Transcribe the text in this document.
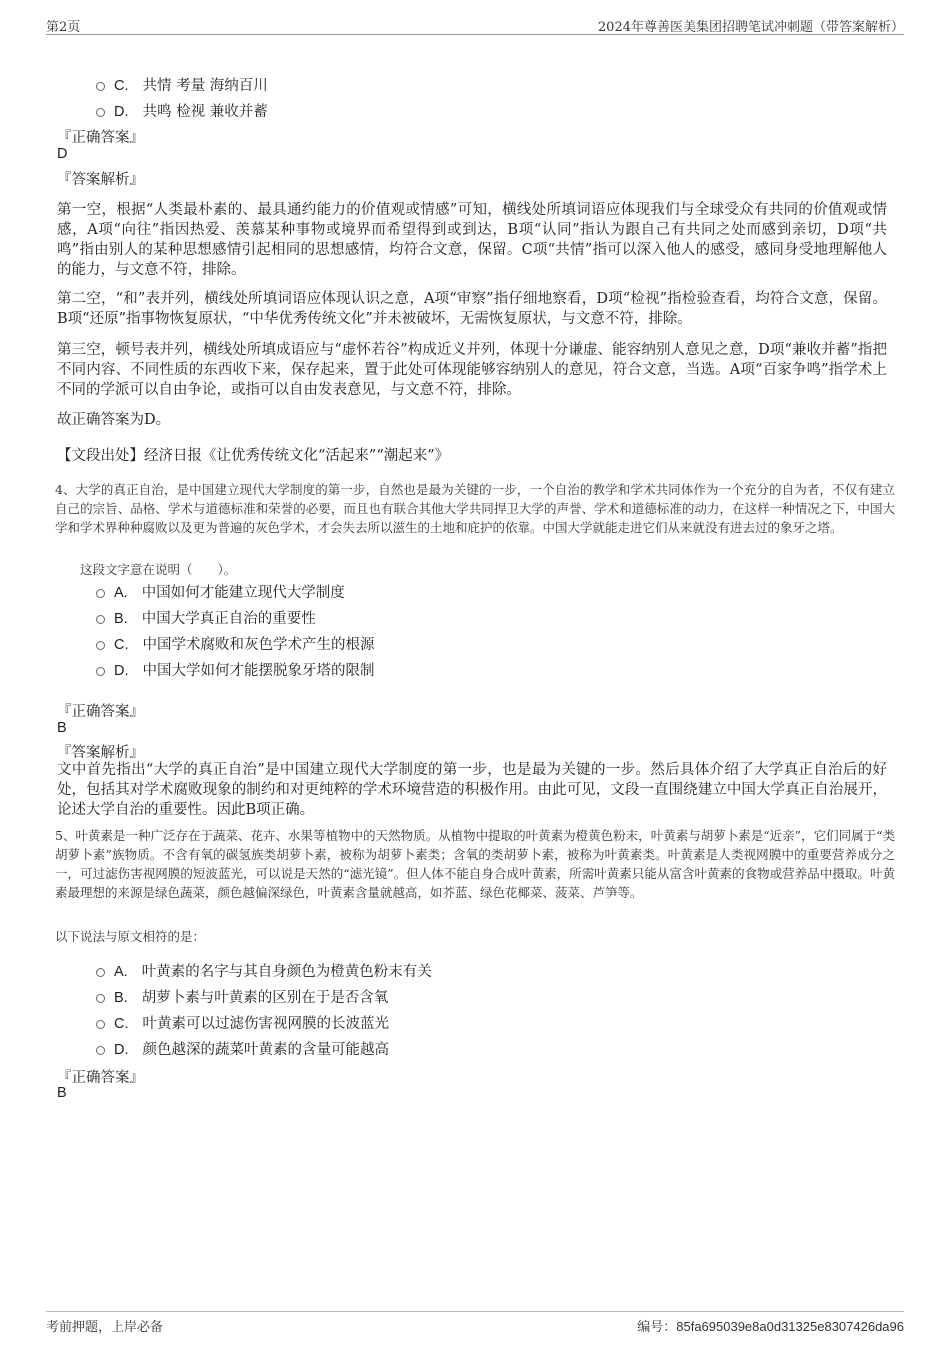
第2页	2024年尊善医美集团招聘笔试冲刺题（带答案解析）
C. 共情 考量 海纳百川
D. 共鸣 检视 兼收并蓄
『正确答案』
D
『答案解析』

第一空，根据“人类最朴素的、最具通约能力的价值观或情感”可知，横线处所填词语应体现我们与全球受众有共同的价值观或情感，A项“向往”指因热爱、羡慕某种事物或境界而希望得到或到达，B项“认同”指认为跟自己有共同之处而感到亲切，D项“共鸣”指由别人的某种思想感情引起相同的思想感情，均符合文意，保留。C项“共情”指可以深入他人的感受，感同身受地理解他人的能力，与文意不符，排除。

第二空，“和”表并列，横线处所填词语应体现认识之意，A项“审察”指仔细地察看，D项“检视”指检验查看，均符合文意，保留。B项“还原”指事物恢复原状，“中华优秀传统文化”并未被破坏，无需恢复原状，与文意不符，排除。

第三空，顿号表并列，横线处所填成语应与“虚怀若谷”构成近义并列，体现十分谦虚、能容纳别人意见之意，D项“兼收并蓄”指把不同内容、不同性质的东西收下来，保存起来，置于此处可体现能够容纳别人的意见，符合文意，当选。A项“百家争鸣”指学术上不同的学派可以自由争论，或指可以自由发表意见，与文意不符，排除。

故正确答案为D。

【文段出处】经济日报《让优秀传统文化“活起来”“潮起来”》

4、大学的真正自治，是中国建立现代大学制度的第一步，自然也是最为关键的一步，一个自治的教学和学术共同体作为一个充分的自为者，不仅有建立自己的宗旨、品格、学术与道德标准和荣誉的必要，而且也有联合其他大学共同捍卫大学的声誉、学术和道德标准的动力，在这样一种情况之下，中国大学和学术界种种腐败以及更为普遍的灰色学术，才会失去所以滋生的土地和庇护的依靠。中国大学就能走进它们从来就没有进去过的象牙之塔。

这段文字意在说明（　　）。
A. 中国如何才能建立现代大学制度
B. 中国大学真正自治的重要性
C. 中国学术腐败和灰色学术产生的根源
D. 中国大学如何才能摆脱象牙塔的限制
『正确答案』
B
『答案解析』

文中首先指出“大学的真正自治”是中国建立现代大学制度的第一步，也是最为关键的一步。然后具体介绍了大学真正自治后的好处，包括其对学术腐败现象的制约和对更纯粹的学术环境营造的积极作用。由此可见，文段一直围绕建立中国大学真正自治展开，论述大学自治的重要性。因此B项正确。

5、叶黄素是一种广泛存在于蔬菜、花卉、水果等植物中的天然物质。从植物中提取的叶黄素为橙黄色粉末，叶黄素与胡萝卜素是“近亲”，它们同属于“类胡萝卜素”族物质。不含有氧的碳氢族类胡萝卜素，被称为胡萝卜素类；含氧的类胡萝卜素，被称为叶黄素类。叶黄素是人类视网膜中的重要营养成分之一，可过滤伤害视网膜的短波蓝光，可以说是天然的“滤光镜”。但人体不能自身合成叶黄素，所需叶黄素只能从富含叶黄素的食物或营养品中摄取。叶黄素最理想的来源是绿色蔬菜，颜色越偏深绿色，叶黄素含量就越高，如芥蓝、绿色花椰菜、菠菜、芦笋等。

以下说法与原文相符的是：
A. 叶黄素的名字与其自身颜色为橙黄色粉末有关
B. 胡萝卜素与叶黄素的区别在于是否含氧
C. 叶黄素可以过滤伤害视网膜的长波蓝光
D. 颜色越深的蔬菜叶黄素的含量可能越高
『正确答案』
B
考前押题，上岸必备	编号：85fa695039e8a0d31325e8307426da96
